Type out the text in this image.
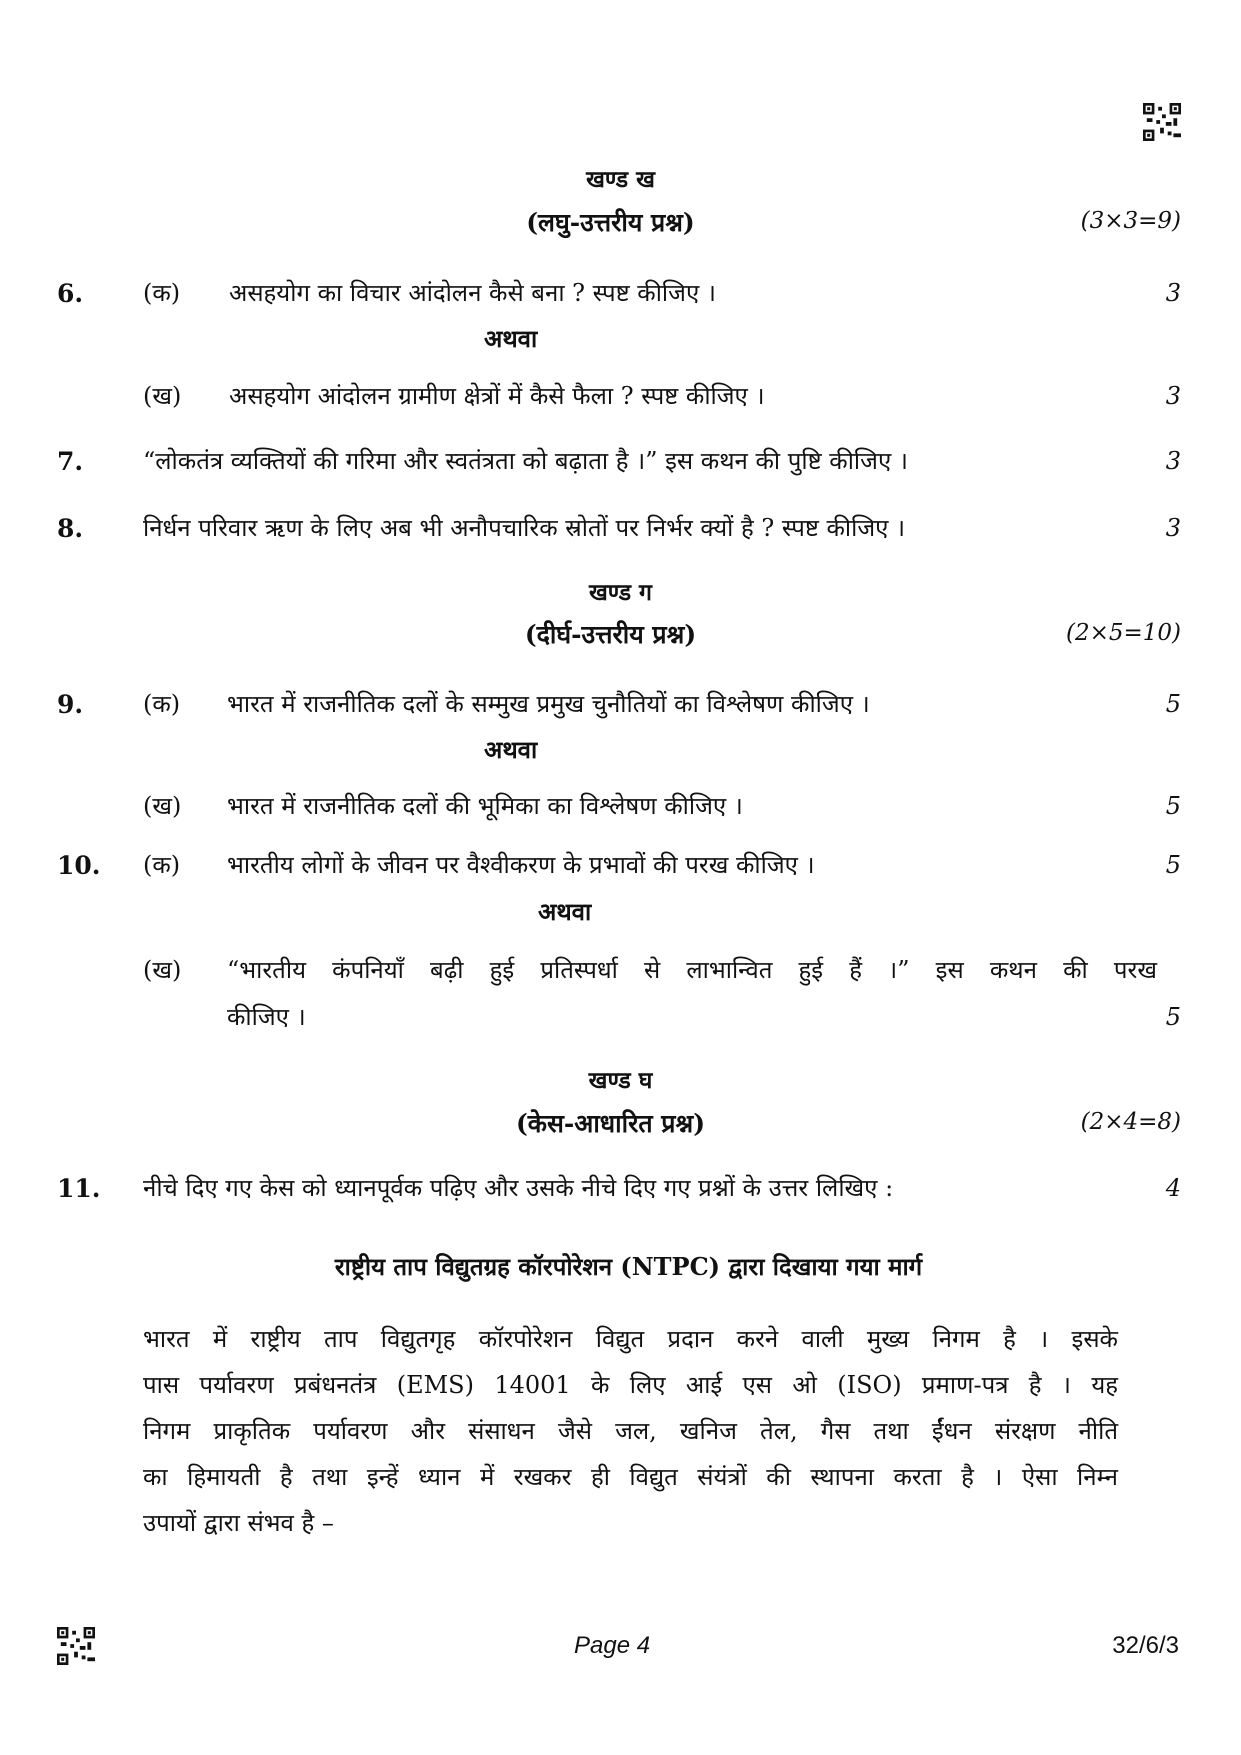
खण्ड ख
(लघु-उत्तरीय प्रश्न)	(3×3=9)
6. (क) असहयोग का विचार आंदोलन कैसे बना ? स्पष्ट कीजिए ।	3
अथवा
(ख) असहयोग आंदोलन ग्रामीण क्षेत्रों में कैसे फैला ? स्पष्ट कीजिए ।	3
7. “लोकतंत्र व्यक्तियों की गरिमा और स्वतंत्रता को बढ़ाता है ।” इस कथन की पुष्टि कीजिए ।	3
8. निर्धन परिवार ऋण के लिए अब भी अनौपचारिक स्रोतों पर निर्भर क्यों है ? स्पष्ट कीजिए ।	3
खण्ड ग
(दीर्घ-उत्तरीय प्रश्न)	(2×5=10)
9. (क) भारत में राजनीतिक दलों के सम्मुख प्रमुख चुनौतियों का विश्लेषण कीजिए ।	5
अथवा
(ख) भारत में राजनीतिक दलों की भूमिका का विश्लेषण कीजिए ।	5
10. (क) भारतीय लोगों के जीवन पर वैश्वीकरण के प्रभावों की परख कीजिए ।	5
अथवा
(ख) “भारतीय कंपनियाँ बढ़ी हुई प्रतिस्पर्धा से लाभान्वित हुई हैं ।” इस कथन की परख
कीजिए ।	5
खण्ड घ
(केस-आधारित प्रश्न)	(2×4=8)
11. नीचे दिए गए केस को ध्यानपूर्वक पढ़िए और उसके नीचे दिए गए प्रश्नों के उत्तर लिखिए :	4
राष्ट्रीय ताप विद्युतग्रह कॉरपोरेशन (NTPC) द्वारा दिखाया गया मार्ग
भारत में राष्ट्रीय ताप विद्युतगृह कॉरपोरेशन विद्युत प्रदान करने वाली मुख्य निगम है । इसके
पास पर्यावरण प्रबंधनतंत्र (EMS) 14001 के लिए आई एस ओ (ISO) प्रमाण-पत्र है । यह
निगम प्राकृतिक पर्यावरण और संसाधन जैसे जल, खनिज तेल, गैस तथा ईंधन संरक्षण नीति
का हिमायती है तथा इन्हें ध्यान में रखकर ही विद्युत संयंत्रों की स्थापना करता है । ऐसा निम्न
उपायों द्वारा संभव है –
Page 4	32/6/3
